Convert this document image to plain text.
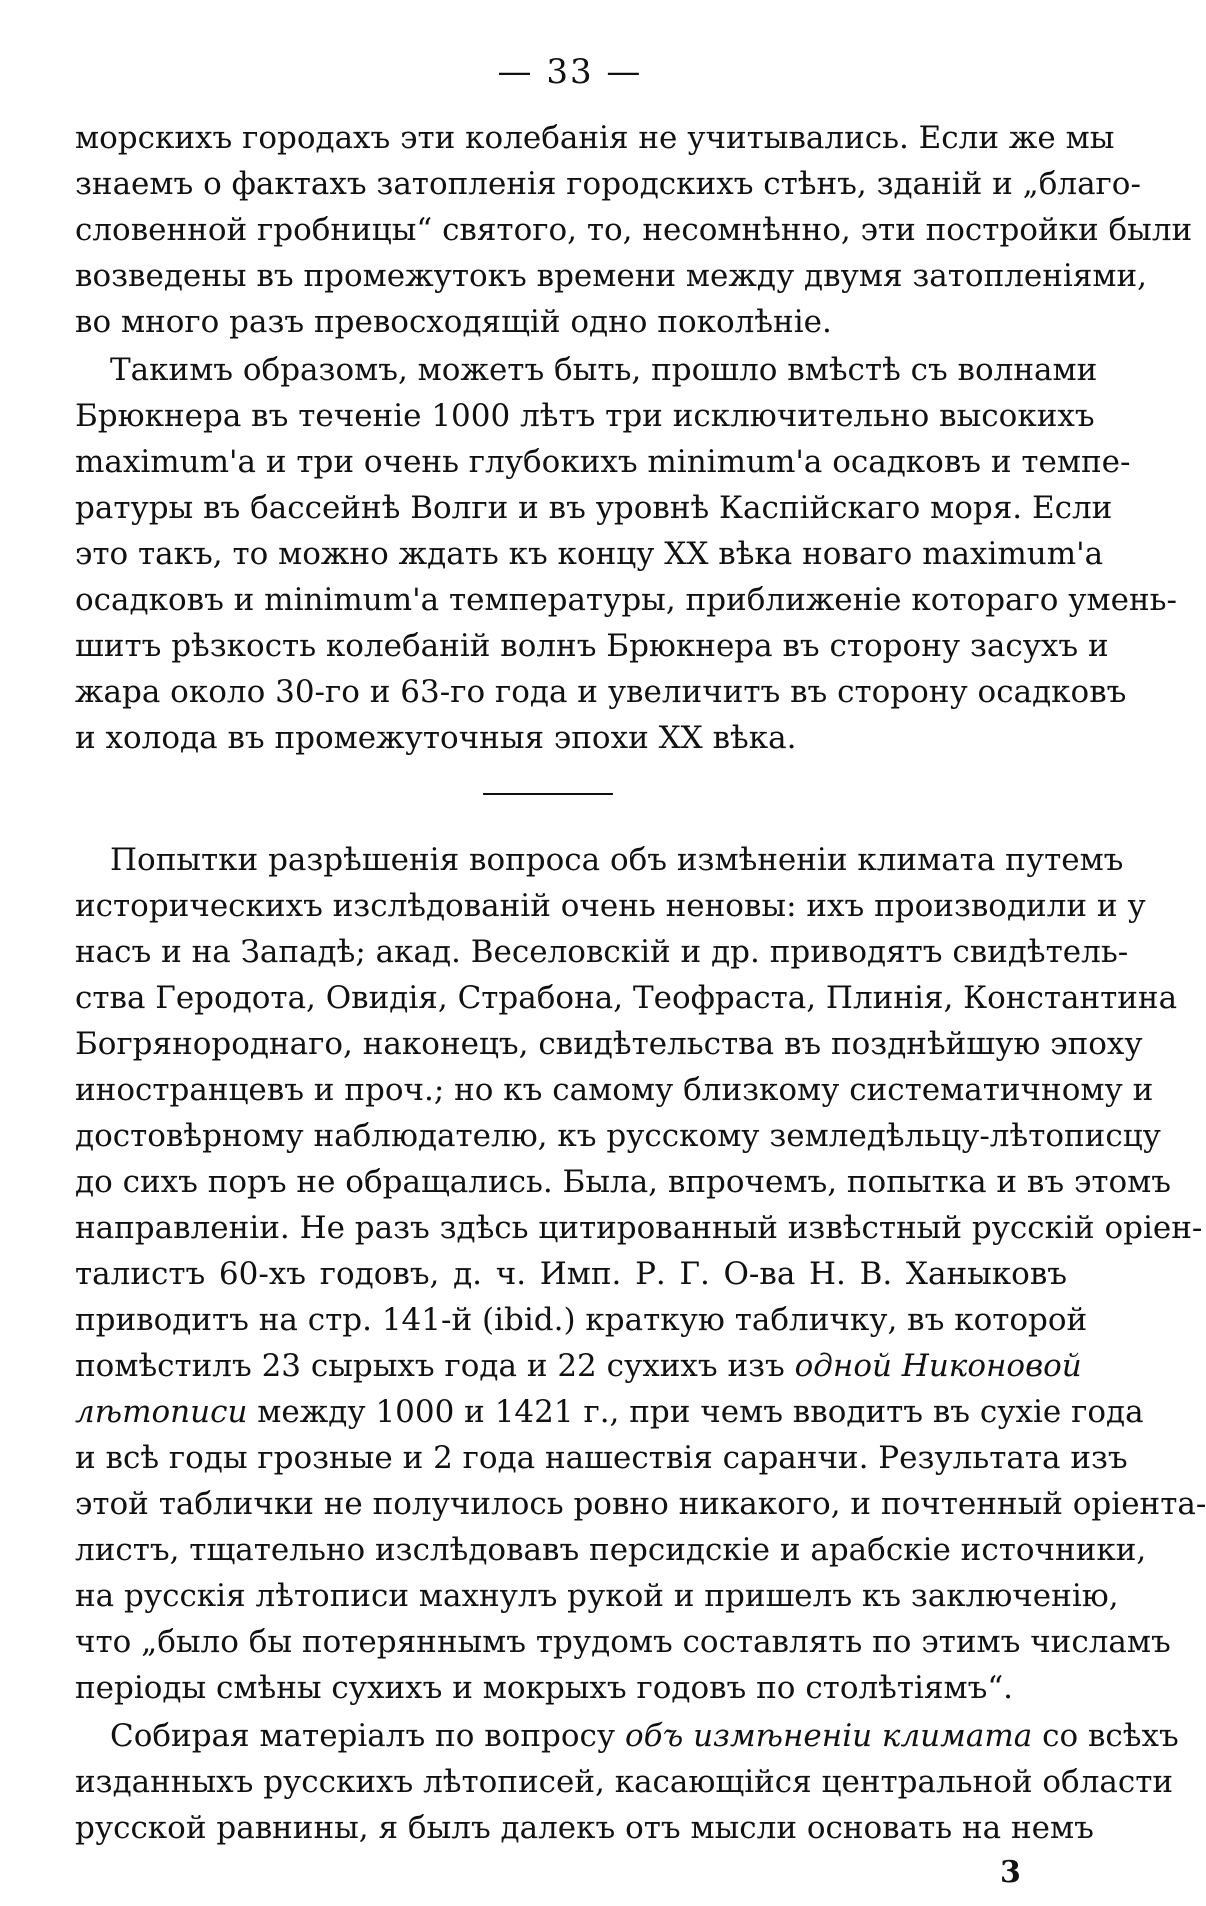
— 33 —
морскихъ городахъ эти колебанія не учитывались. Если же мы
знаемъ о фактахъ затопленія городскихъ стѣнъ, зданій и „благо-
словенной гробницы“ святого, то, несомнѣнно, эти постройки были
возведены въ промежутокъ времени между двумя затопленіями,
во много разъ превосходящій одно поколѣніе.
Такимъ образомъ, можетъ быть, прошло вмѣстѣ съ волнами
Брюкнера въ теченіе 1000 лѣтъ три исключительно высокихъ
maximum'а и три очень глубокихъ minimum'а осадковъ и темпе-
ратуры въ бассейнѣ Волги и въ уровнѣ Каспійскаго моря. Если
это такъ, то можно ждать къ концу XX вѣка новаго maximum'а
осадковъ и minimum'а температуры, приближеніе котораго умень-
шитъ рѣзкость колебаній волнъ Брюкнера въ сторону засухъ и
жара около 30-го и 63-го года и увеличитъ въ сторону осадковъ
и холода въ промежуточныя эпохи XX вѣка.
Попытки разрѣшенія вопроса объ измѣненіи климата путемъ
историческихъ изслѣдованій очень неновы: ихъ производили и у
насъ и на Западѣ; акад. Веселовскій и др. приводятъ свидѣтель-
ства Геродота, Овидія, Страбона, Теофраста, Плинія, Константина
Богрянороднаго, наконецъ, свидѣтельства въ позднѣйшую эпоху
иностранцевъ и проч.; но къ самому близкому систематичному и
достовѣрному наблюдателю, къ русскому земледѣльцу-лѣтописцу
до сихъ поръ не обращались. Была, впрочемъ, попытка и въ этомъ
направленіи. Не разъ здѣсь цитированный извѣстный русскій оріен-
талистъ 60-хъ годовъ, д. ч. Имп. Р. Г. О-ва Н. В. Ханыковъ
приводитъ на стр. 141-й (ibid.) краткую табличку, въ которой
помѣстилъ 23 сырыхъ года и 22 сухихъ изъ одной Никоновой
лѣтописи между 1000 и 1421 г., при чемъ вводитъ въ сухіе года
и всѣ годы грозные и 2 года нашествія саранчи. Результата изъ
этой таблички не получилось ровно никакого, и почтенный оріента-
листъ, тщательно изслѣдовавъ персидскіе и арабскіе источники,
на русскія лѣтописи махнулъ рукой и пришелъ къ заключенію,
что „было бы потеряннымъ трудомъ составлять по этимъ числамъ
періоды смѣны сухихъ и мокрыхъ годовъ по столѣтіямъ“.
Собирая матеріалъ по вопросу объ измѣненіи климата со всѣхъ
изданныхъ русскихъ лѣтописей, касающійся центральной области
русской равнины, я былъ далекъ отъ мысли основать на немъ
3
